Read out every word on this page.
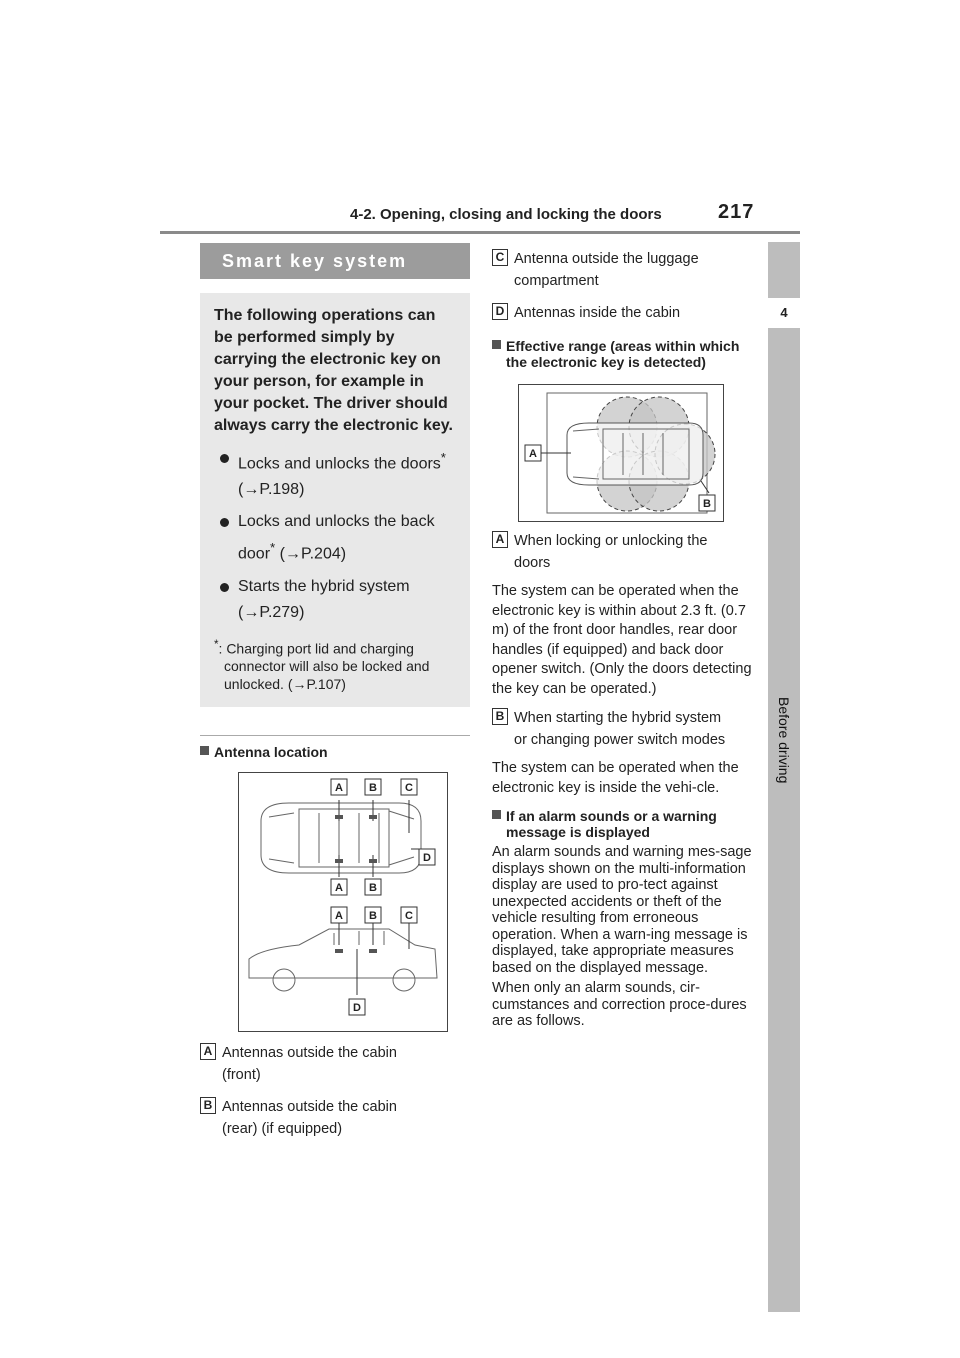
4-2. Opening, closing and locking the doors	217
4
Before driving
Smart key system
The following operations can be performed simply by carrying the electronic key on your person, for example in your pocket. The driver should always carry the electronic key.
Locks and unlocks the doors* (→P.198)
Locks and unlocks the back door* (→P.204)
Starts the hybrid system (→P.279)
*: Charging port lid and charging connector will also be locked and unlocked. (→P.107)
Antenna location
A B	C
D
A B
A B	C
D
A Antennas outside the cabin
(front)
B Antennas outside the cabin
(rear) (if equipped)
C Antenna outside the luggage
compartment
D Antennas inside the cabin
Effective range (areas within which the electronic key is detected)
A
B
A When locking or unlocking the
doors
The system can be operated when the electronic key is within about 2.3 ft. (0.7 m) of the front door handles, rear door handles (if equipped) and back door opener switch. (Only the doors detecting the key can be operated.)
B When starting the hybrid system
or changing power switch modes
The system can be operated when the electronic key is inside the vehi-cle.
If an alarm sounds or a warning message is displayed
An alarm sounds and warning mes-sage displays shown on the multi-information display are used to pro-tect against unexpected accidents or theft of the vehicle resulting from erroneous operation. When a warn-ing message is displayed, take appropriate measures based on the displayed message.
When only an alarm sounds, cir-cumstances and correction proce-dures are as follows.
